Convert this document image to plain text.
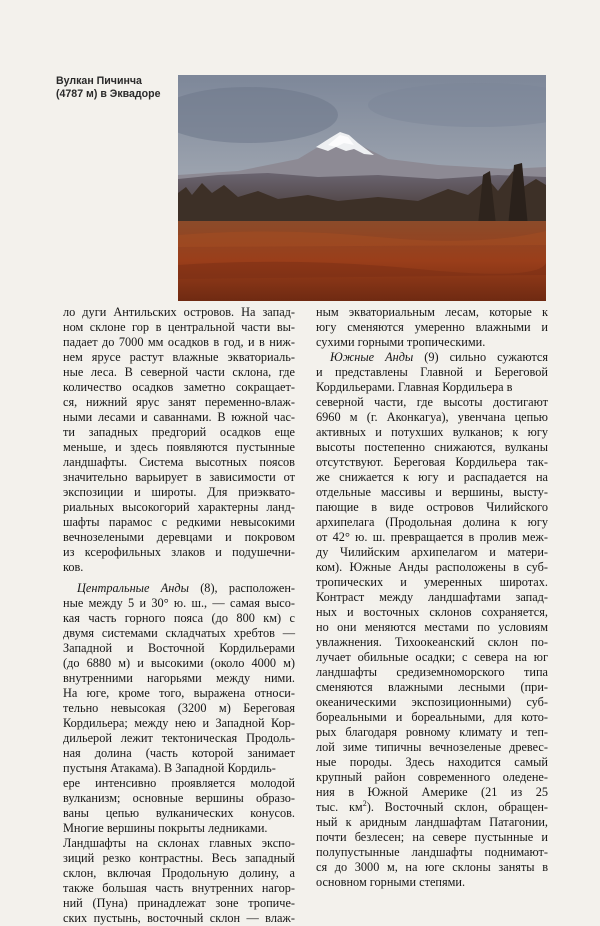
Вулкан Пичинча
(4787 м) в Эквадоре
ло дуги Антильских островов. На запад-
ном склоне гор в центральной части вы-
падает до 7000 мм осадков в год, и в ниж-
нем ярусе растут влажные экваториаль-
ные леса. В северной части склона, где
количество осадков заметно сокращает-
ся, нижний ярус занят переменно-влаж-
ными лесами и саваннами. В южной час-
ти западных предгорий осадков еще
меньше, и здесь появляются пустынные
ландшафты. Система высотных поясов
значительно варьирует в зависимости от
экспозиции и широты. Для приэквато-
риальных высокогорий характерны ланд-
шафты парамос с редкими невысокими
вечнозелеными деревцами и покровом
из ксерофильных злаков и подушечни-
ков.
Центральные Анды (8), расположен-
ные между 5 и 30° ю. ш., — самая высо-
кая часть горного пояса (до 800 км) с
двумя системами складчатых хребтов —
Западной и Восточной Кордильерами
(до 6880 м) и высокими (около 4000 м)
внутренними нагорьями между ними.
На юге, кроме того, выражена относи-
тельно невысокая (3200 м) Береговая
Кордильера; между нею и Западной Кор-
дильерой лежит тектоническая Продоль-
ная долина (часть которой занимает
пустыня Атакама). В Западной Кордиль-
ере интенсивно проявляется молодой
вулканизм; основные вершины образо-
ваны цепью вулканических конусов.
Многие вершины покрыты ледниками.
Ландшафты на склонах главных экспо-
зиций резко контрастны. Весь западный
склон, включая Продольную долину, а
также большая часть внутренних нагор-
ний (Пуна) принадлежат зоне тропиче-
ских пустынь, восточный склон — влаж-
ным экваториальным лесам, которые к
югу сменяются умеренно влажными и
сухими горными тропическими.
Южные Анды (9) сильно сужаются
и представлены Главной и Береговой
Кордильерами. Главная Кордильера в
северной части, где высоты достигают
6960 м (г. Аконкагуа), увенчана цепью
активных и потухших вулканов; к югу
высоты постепенно снижаются, вулканы
отсутствуют. Береговая Кордильера так-
же снижается к югу и распадается на
отдельные массивы и вершины, высту-
пающие в виде островов Чилийского
архипелага (Продольная долина к югу
от 42° ю. ш. превращается в пролив меж-
ду Чилийским архипелагом и матери-
ком). Южные Анды расположены в суб-
тропических и умеренных широтах.
Контраст между ландшафтами запад-
ных и восточных склонов сохраняется,
но они меняются местами по условиям
увлажнения. Тихоокеанский склон по-
лучает обильные осадки; с севера на юг
ландшафты средиземноморского типа
сменяются влажными лесными (при-
океаническими экспозиционными) суб-
бореальными и бореальными, для кото-
рых благодаря ровному климату и теп-
лой зиме типичны вечнозеленые древес-
ные породы. Здесь находится самый
крупный район современного оледене-
ния в Южной Америке (21 из 25
тыс. $км^2$). Восточный склон, обращен-
ный к аридным ландшафтам Патагонии,
почти безлесен; на севере пустынные и
полупустынные ландшафты поднимают-
ся до 3000 м, на юге склоны заняты в
основном горными степями.
